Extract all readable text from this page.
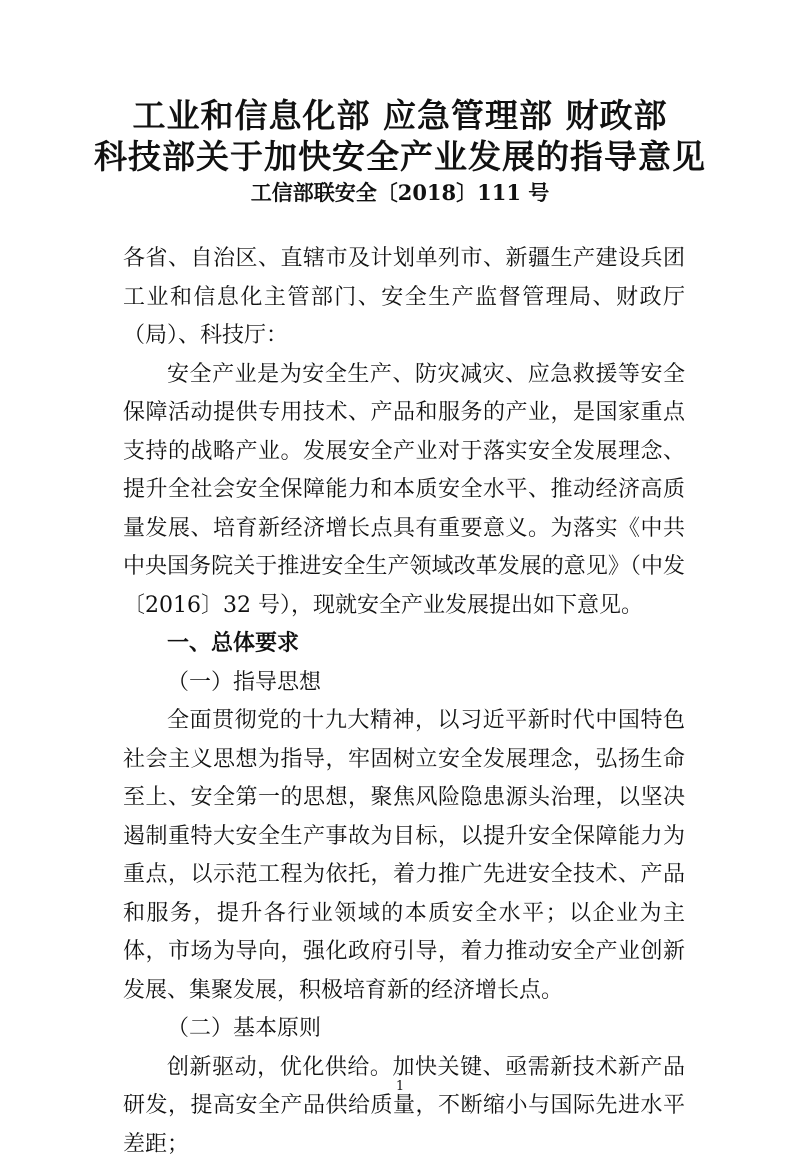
工业和信息化部 应急管理部 财政部
科技部关于加快安全产业发展的指导意见
工信部联安全〔2018〕111 号

各省、自治区、直辖市及计划单列市、新疆生产建设兵团工业和信息化主管部门、安全生产监督管理局、财政厅（局）、科技厅：

安全产业是为安全生产、防灾减灾、应急救援等安全保障活动提供专用技术、产品和服务的产业，是国家重点支持的战略产业。发展安全产业对于落实安全发展理念、提升全社会安全保障能力和本质安全水平、推动经济高质量发展、培育新经济增长点具有重要意义。为落实《中共中央国务院关于推进安全生产领域改革发展的意见》（中发〔2016〕32 号），现就安全产业发展提出如下意见。

一、总体要求

（一）指导思想

全面贯彻党的十九大精神，以习近平新时代中国特色社会主义思想为指导，牢固树立安全发展理念，弘扬生命至上、安全第一的思想，聚焦风险隐患源头治理，以坚决遏制重特大安全生产事故为目标，以提升安全保障能力为重点，以示范工程为依托，着力推广先进安全技术、产品和服务，提升各行业领域的本质安全水平；以企业为主体，市场为导向，强化政府引导，着力推动安全产业创新发展、集聚发展，积极培育新的经济增长点。

（二）基本原则

创新驱动，优化供给。加快关键、亟需新技术新产品研发，提高安全产品供给质量，不断缩小与国际先进水平差距；

1
